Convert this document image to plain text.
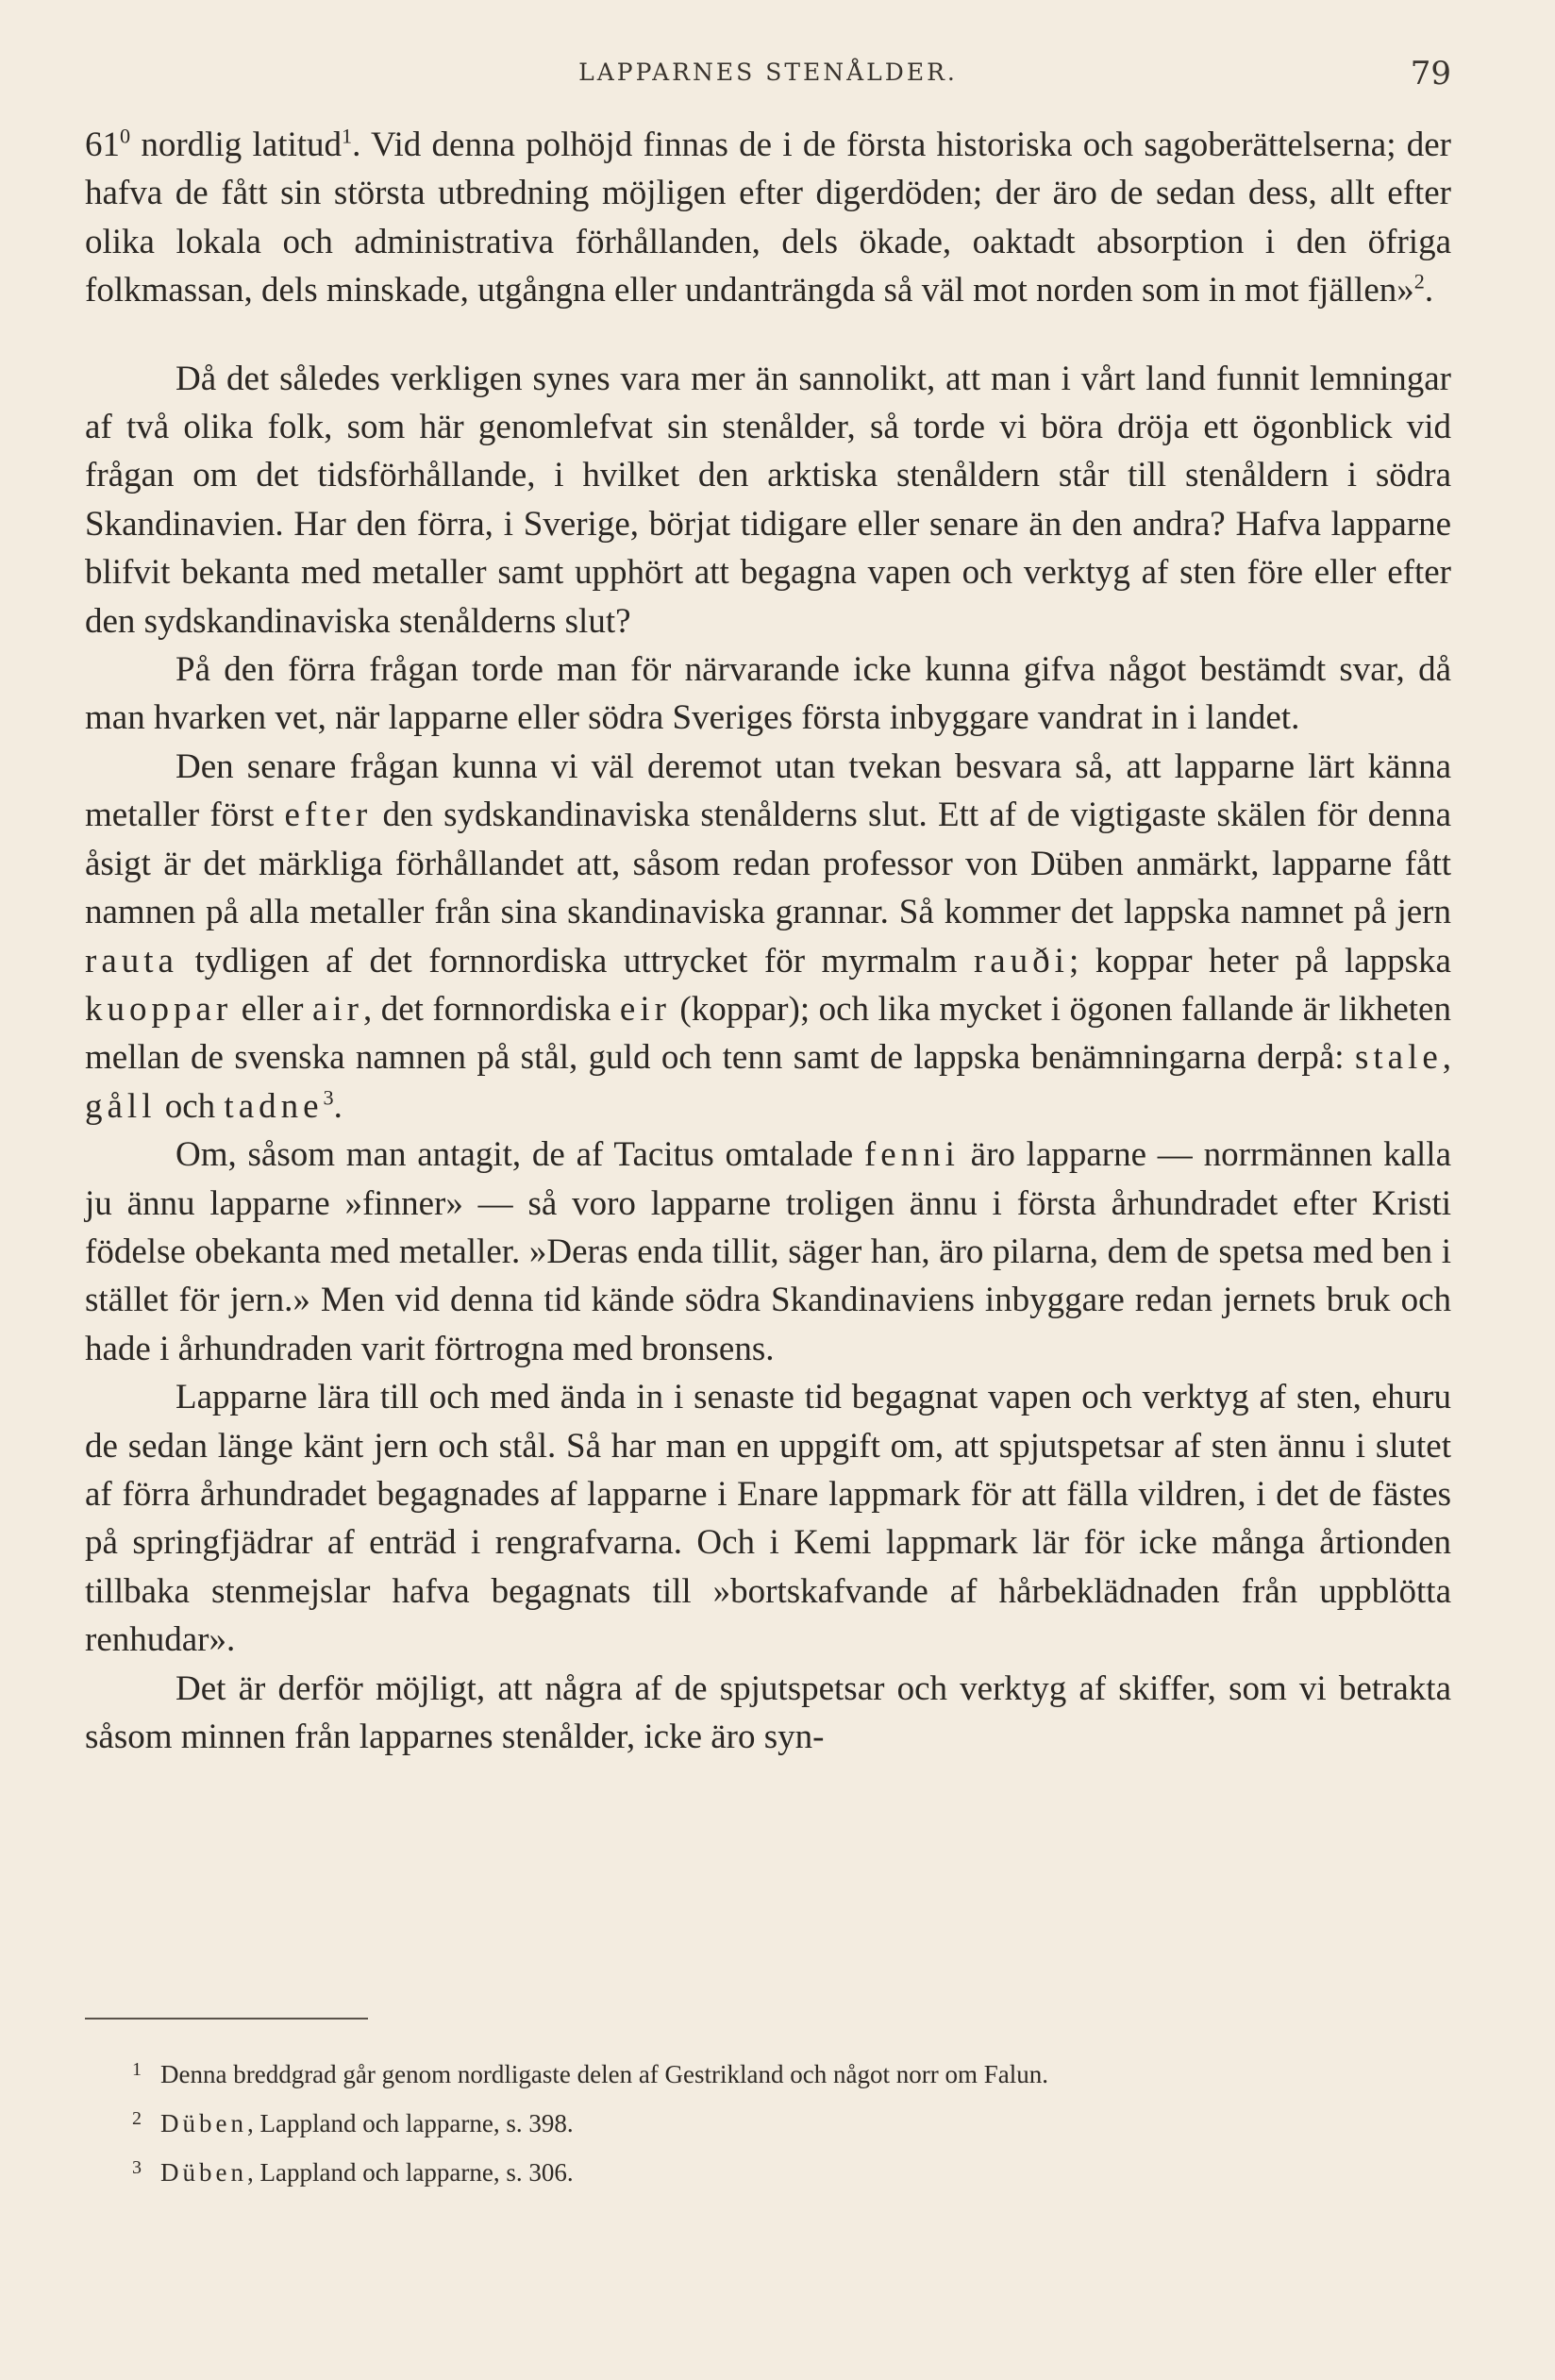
LAPPARNES STENÅLDER.	79

$61^0$ nordlig latitud$^1$. Vid denna polhöjd finnas de i de första historiska och sagoberättelserna; der hafva de fått sin största utbredning möjligen efter digerdöden; der äro de sedan dess, allt efter olika lokala och administrativa förhållanden, dels ökade, oaktadt absorption i den öfriga folkmassan, dels minskade, utgångna eller undanträngda så väl mot norden som in mot fjällen»$^2$.

Då det således verkligen synes vara mer än sannolikt, att man i vårt land funnit lemningar af två olika folk, som här genomlefvat sin stenålder, så torde vi böra dröja ett ögonblick vid frågan om det tidsförhållande, i hvilket den arktiska stenåldern står till stenåldern i södra Skandinavien. Har den förra, i Sverige, börjat tidigare eller senare än den andra? Hafva lapparne blifvit bekanta med metaller samt upphört att begagna vapen och verktyg af sten före eller efter den sydskandinaviska stenålderns slut?

På den förra frågan torde man för närvarande icke kunna gifva något bestämdt svar, då man hvarken vet, när lapparne eller södra Sveriges första inbyggare vandrat in i landet.

Den senare frågan kunna vi väl deremot utan tvekan besvara så, att lapparne lärt känna metaller först efter den sydskandinaviska stenålderns slut. Ett af de vigtigaste skälen för denna åsigt är det märkliga förhållandet att, såsom redan professor von Düben anmärkt, lapparne fått namnen på alla metaller från sina skandinaviska grannar. Så kommer det lappska namnet på jern rauta tydligen af det fornnordiska uttrycket för myrmalm rauði; koppar heter på lappska kuoppar eller air, det fornnordiska eir (koppar); och lika mycket i ögonen fallande är likheten mellan de svenska namnen på stål, guld och tenn samt de lappska benämningarna derpå: stale, gåll och tadne$^3$.

Om, såsom man antagit, de af Tacitus omtalade fenni äro lapparne — norrmännen kalla ju ännu lapparne »finner» — så voro lapparne troligen ännu i första århundradet efter Kristi födelse obekanta med metaller. »Deras enda tillit, säger han, äro pilarna, dem de spetsa med ben i stället för jern.» Men vid denna tid kände södra Skandinaviens inbyggare redan jernets bruk och hade i århundraden varit förtrogna med bronsens.

Lapparne lära till och med ända in i senaste tid begagnat vapen och verktyg af sten, ehuru de sedan länge känt jern och stål. Så har man en uppgift om, att spjutspetsar af sten ännu i slutet af förra århundradet begagnades af lapparne i Enare lappmark för att fälla vildren, i det de fästes på springfjädrar af enträd i rengrafvarna. Och i Kemi lappmark lär för icke många årtionden tillbaka stenmejslar hafva begagnats till »bortskafvande af hårbeklädnaden från uppblötta renhudar».

Det är derför möjligt, att några af de spjutspetsar och verktyg af skiffer, som vi betrakta såsom minnen från lapparnes stenålder, icke äro syn-

1 Denna breddgrad går genom nordligaste delen af Gestrikland och något norr om Falun.
2 Düben, Lappland och lapparne, s. 398.
3 Düben, Lappland och lapparne, s. 306.
